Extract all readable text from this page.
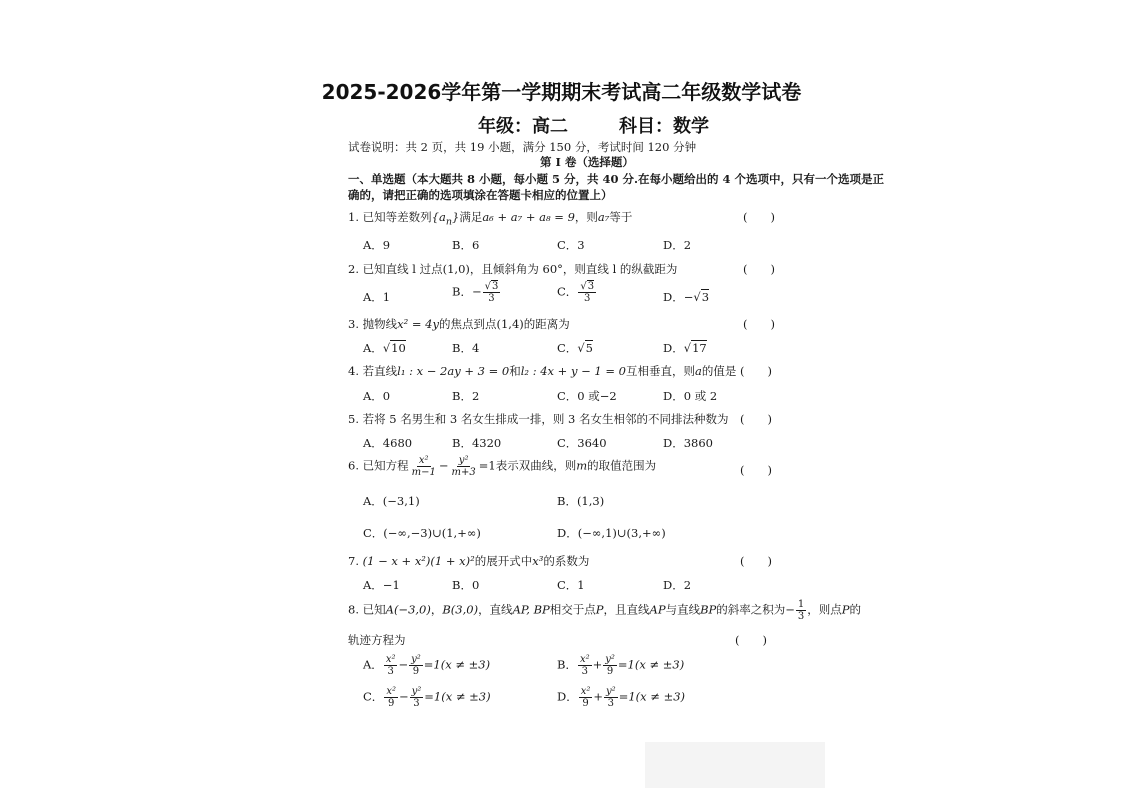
2025-2026学年第一学期期末考试高二年级数学试卷
年级：高二	科目：数学
试卷说明：共 2 页，共 19 小题，满分 150 分，考试时间 120 分钟
第 I 卷（选择题）
一、单选题（本大题共 8 小题，每小题 5 分，共 40 分.在每小题给出的 4 个选项中，只有一个选项是正
确的，请把正确的选项填涂在答题卡相应的位置上）
1. 已知等差数列$\{a_n\}$满足a₆ + a₇ + a₈ = 9，则a₇等于	(　　)
A．9	B．6	C．3	D．2
2. 已知直线 l 过点(1,0)，且倾斜角为 60°，则直线 l 的纵截距为	(　　)
A．1	B．− $\frac{√3}{3}$	C． $\frac{√3}{3}$	D．−√3
3. 抛物线x² = 4y的焦点到点(1,4)的距离为	(　　)
A．√10	B．4	C．√5	D．√17
4. 若直线l₁ : x − 2ay + 3 = 0和l₂ : 4x + y − 1 = 0互相垂直，则a的值是 (　　)
A．0	B．2	C．0 或−2	D．0 或 2
5. 若将 5 名男生和 3 名女生排成一排，则 3 名女生相邻的不同排法种数为 (　　)
A．4680	B．4320	C．3640	D．3860
6. 已知方程 $\frac{\text{x²}}{m-1} - \frac{\text{y²}}{m+3} =1$表示双曲线，则m的取值范围为	(　　)
A．(−3,1)	B．(1,3)
C．(−∞,−3)∪(1,+∞)	D．(−∞,1)∪(3,+∞)
7. (1 − x + x²)(1 + x)²的展开式中x³的系数为	(　　)
A．−1	B．0	C．1	D．2
8. 已知A(−3,0)，B(3,0)，直线AP, BP相交于点P，且直线AP与直线BP的斜率之积为− $\frac{1}{3}$ ，则点P的
轨迹方程为	(　　)
A． $\frac{\text{x²}}{3} - \frac{\text{y²}}{9} =1(x \ne \pm 3)$	B． $\frac{\text{x²}}{3} + \frac{\text{y²}}{9} =1(x \ne \pm 3)$
C． $\frac{\text{x²}}{9} - \frac{\text{y²}}{3} =1(x \ne \pm 3)$	D． $\frac{\text{x²}}{9} + \frac{\text{y²}}{3} =1(x \ne \pm 3)$
